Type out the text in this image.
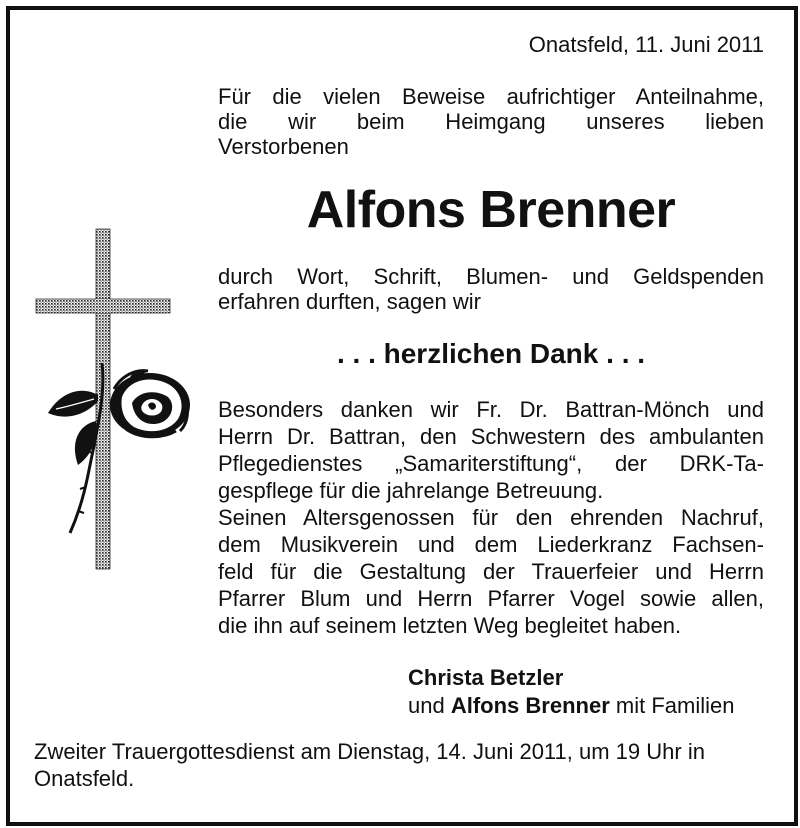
Onatsfeld, 11. Juni 2011
Für die vielen Beweise aufrichtiger Anteilnahme,
die wir beim Heimgang unseres lieben
Verstorbenen
Alfons Brenner
durch Wort, Schrift, Blumen- und Geldspenden
erfahren durften, sagen wir
. . . herzlichen Dank . . .
Besonders danken wir Fr. Dr. Battran-Mönch und
Herrn Dr. Battran, den Schwestern des ambulanten
Pflegedienstes „Samariterstiftung“, der DRK-Ta-
gespflege für die jahrelange Betreuung.
Seinen Altersgenossen für den ehrenden Nachruf,
dem Musikverein und dem Liederkranz Fachsen-
feld für die Gestaltung der Trauerfeier und Herrn
Pfarrer Blum und Herrn Pfarrer Vogel sowie allen,
die ihn auf seinem letzten Weg begleitet haben.
Christa Betzler
und Alfons Brenner mit Familien
Zweiter Trauergottesdienst am Dienstag, 14. Juni 2011, um 19 Uhr in
Onatsfeld.
